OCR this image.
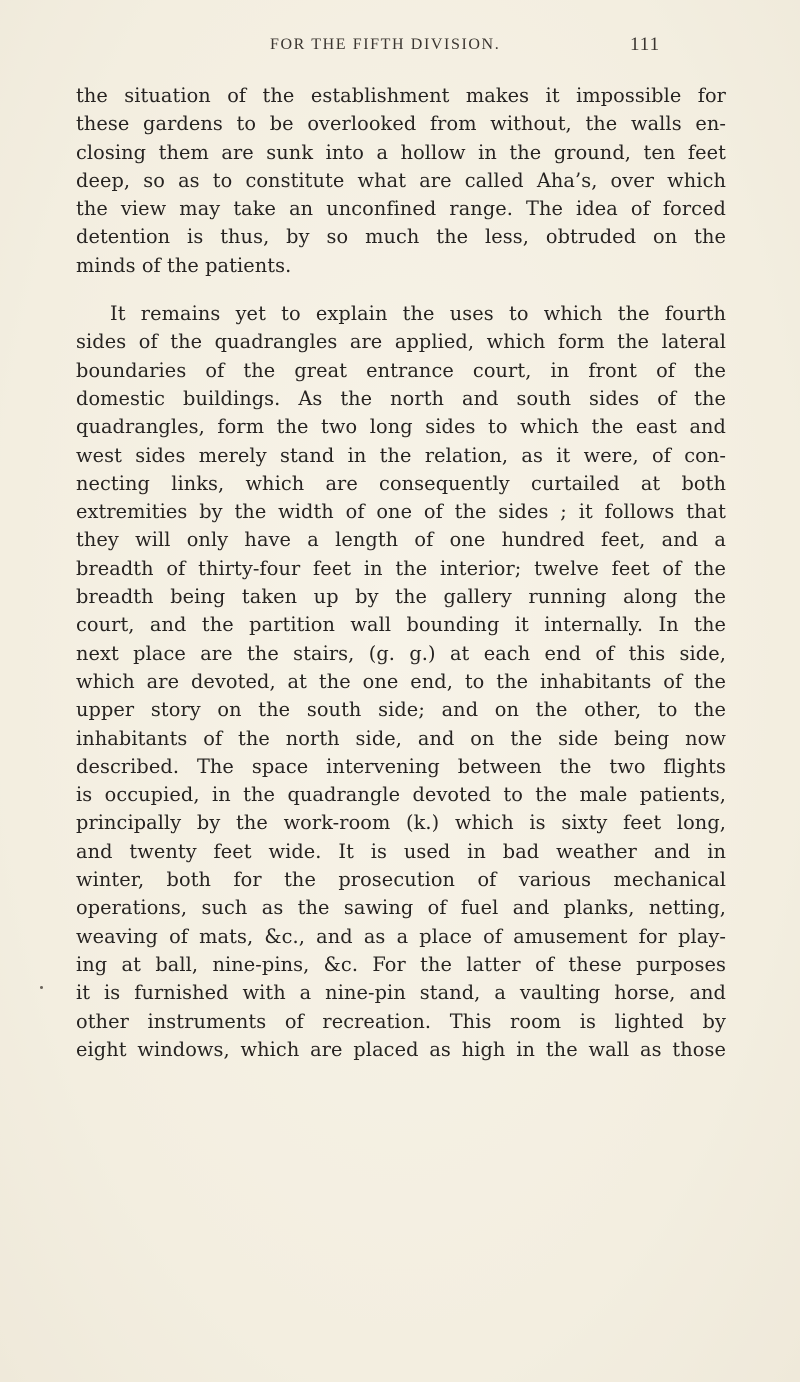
FOR THE FIFTH DIVISION.	111
the situation of the establishment makes it impossible for
these gardens to be overlooked from without, the walls en-
closing them are sunk into a hollow in the ground, ten feet
deep, so as to constitute what are called Aha’s, over which
the view may take an unconfined range. The idea of forced
detention is thus, by so much the less, obtruded on the
minds of the patients.
It remains yet to explain the uses to which the fourth
sides of the quadrangles are applied, which form the lateral
boundaries of the great entrance court, in front of the
domestic buildings. As the north and south sides of the
quadrangles, form the two long sides to which the east and
west sides merely stand in the relation, as it were, of con-
necting links, which are consequently curtailed at both
extremities by the width of one of the sides ; it follows that
they will only have a length of one hundred feet, and a
breadth of thirty-four feet in the interior; twelve feet of the
breadth being taken up by the gallery running along the
court, and the partition wall bounding it internally. In the
next place are the stairs, (g. g.) at each end of this side,
which are devoted, at the one end, to the inhabitants of the
upper story on the south side; and on the other, to the
inhabitants of the north side, and on the side being now
described. The space intervening between the two flights
is occupied, in the quadrangle devoted to the male patients,
principally by the work-room (k.) which is sixty feet long,
and twenty feet wide. It is used in bad weather and in
winter, both for the prosecution of various mechanical
operations, such as the sawing of fuel and planks, netting,
weaving of mats, &c., and as a place of amusement for play-
ing at ball, nine-pins, &c. For the latter of these purposes
it is furnished with a nine-pin stand, a vaulting horse, and
other instruments of recreation. This room is lighted by
eight windows, which are placed as high in the wall as those
